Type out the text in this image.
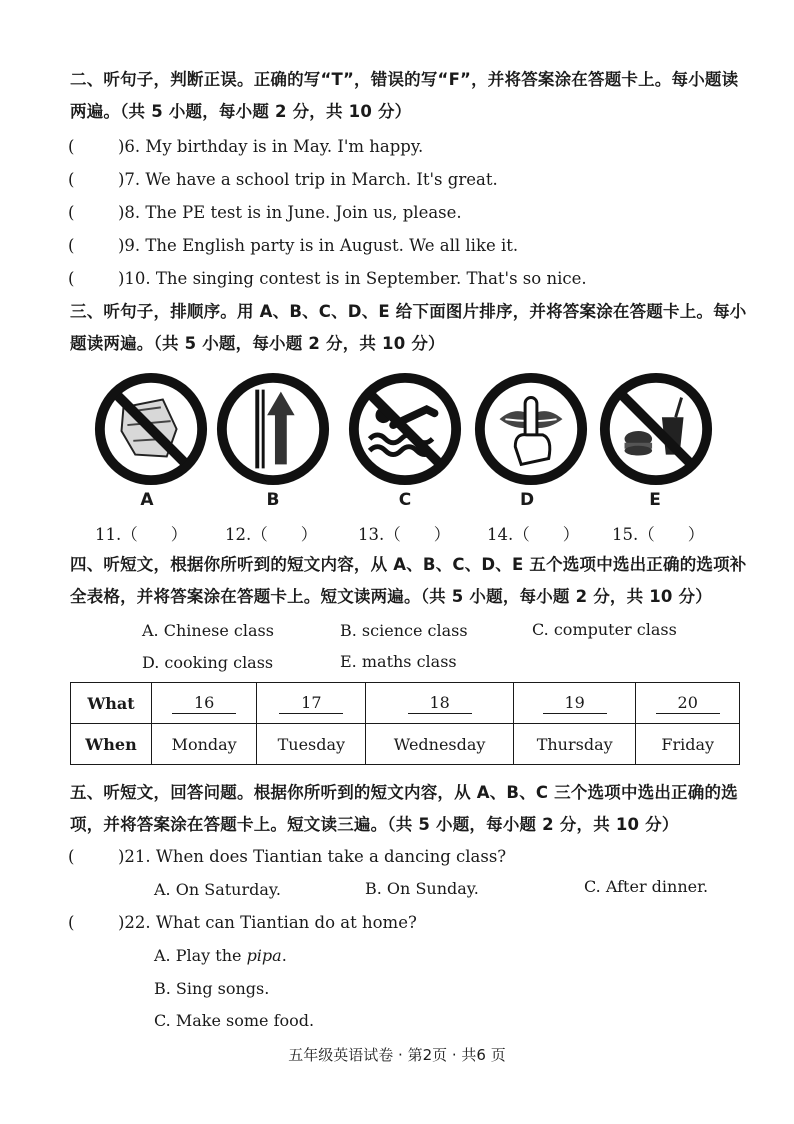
二、听句子，判断正误。正确的写“T”，错误的写“F”，并将答案涂在答题卡上。每小题读两遍。（共 5 小题，每小题 2 分，共 10 分）
(	)6. My birthday is in May. I'm happy.
(	)7. We have a school trip in March. It's great.
(	)8. The PE test is in June. Join us, please.
(	)9. The English party is in August. We all like it.
(	)10. The singing contest is in September. That's so nice.
三、听句子，排顺序。用 A、B、C、D、E 给下面图片排序，并将答案涂在答题卡上。每小题读两遍。（共 5 小题，每小题 2 分，共 10 分）
A	B	C	D	E
11.（　　） 12.（　　） 13.（　　） 14.（　　） 15.（　　）
四、听短文，根据你所听到的短文内容，从 A、B、C、D、E 五个选项中选出正确的选项补全表格，并将答案涂在答题卡上。短文读两遍。（共 5 小题，每小题 2 分，共 10 分）
A. Chinese class	B. science class	C. computer class
D. cooking class	E. maths class
What	16	17	18	19	20
When	Monday	Tuesday	Wednesday	Thursday	Friday
五、听短文，回答问题。根据你所听到的短文内容，从 A、B、C 三个选项中选出正确的选项，并将答案涂在答题卡上。短文读三遍。（共 5 小题，每小题 2 分，共 10 分）
(	)21. When does Tiantian take a dancing class?
A. On Saturday.	B. On Sunday.	C. After dinner.
(	)22. What can Tiantian do at home?
A. Play the pipa.
B. Sing songs.
C. Make some food.
五年级英语试卷 · 第2页 · 共6 页
